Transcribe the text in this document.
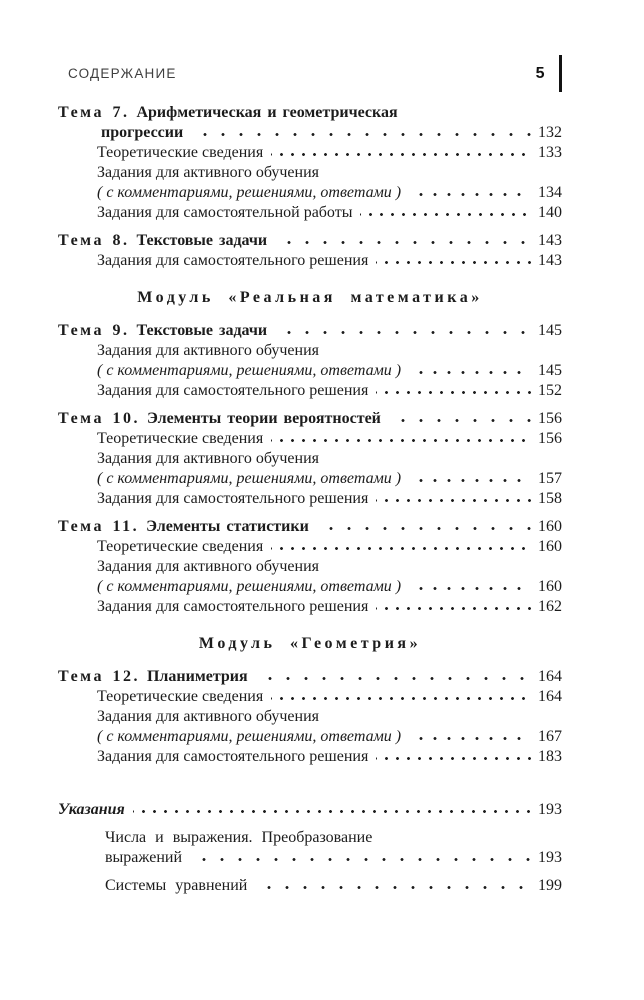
СОДЕРЖАНИЕ	5
Тема 7. Арифметическая и геометрическая
прогрессии	132
Теоретические сведения	133
Задания для активного обучения
( с комментариями, решениями, ответами )	134
Задания для самостоятельной работы	140
Тема 8. Текстовые задачи	143
Задания для самостоятельного решения	143
Модуль «Реальная математика»
Тема 9. Текстовые задачи	145
Задания для активного обучения
( с комментариями, решениями, ответами )	145
Задания для самостоятельного решения	152
Тема 10. Элементы теории вероятностей	156
Теоретические сведения	156
Задания для активного обучения
( с комментариями, решениями, ответами )	157
Задания для самостоятельного решения	158
Тема 11. Элементы статистики	160
Теоретические сведения	160
Задания для активного обучения
( с комментариями, решениями, ответами )	160
Задания для самостоятельного решения	162
Модуль «Геометрия»
Тема 12. Планиметрия	164
Теоретические сведения	164
Задания для активного обучения
( с комментариями, решениями, ответами )	167
Задания для самостоятельного решения	183
Указания	193
Числа и выражения. Преобразование
выражений	193
Системы уравнений	199
